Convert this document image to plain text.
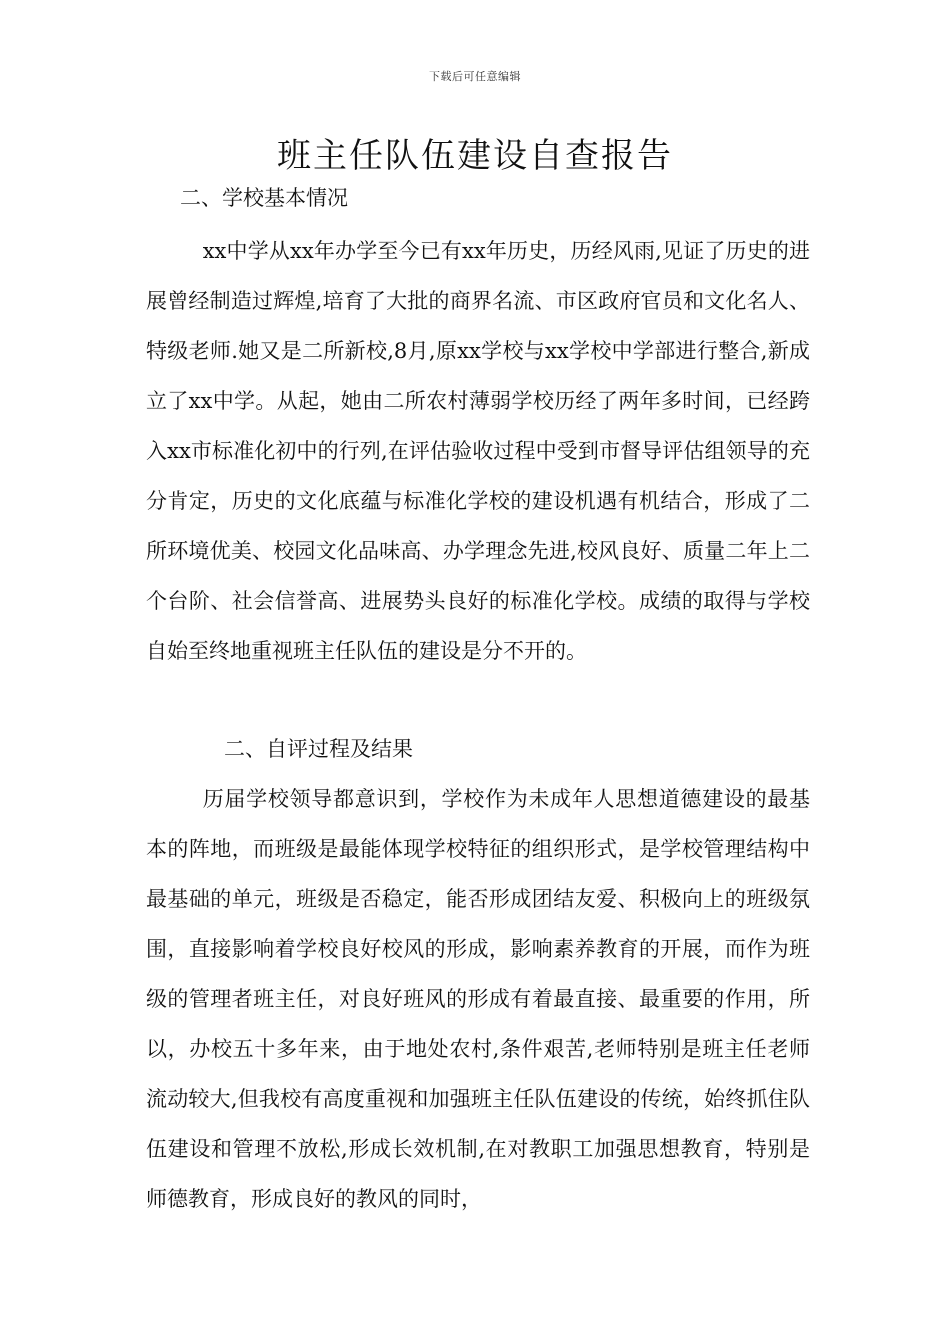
下载后可任意编辑
班主任队伍建设自查报告
二、学校基本情况

xx中学从xx年办学至今已有xx年历史，历经风雨,见证了历史的进展曾经制造过辉煌,培育了大批的商界名流、市区政府官员和文化名人、特级老师.她又是二所新校,8月,原xx学校与xx学校中学部进行整合,新成立了xx中学。从起，她由二所农村薄弱学校历经了两年多时间，已经跨入xx市标准化初中的行列,在评估验收过程中受到市督导评估组领导的充分肯定，历史的文化底蕴与标准化学校的建设机遇有机结合，形成了二所环境优美、校园文化品味高、办学理念先进,校风良好、质量二年上二个台阶、社会信誉高、进展势头良好的标准化学校。成绩的取得与学校自始至终地重视班主任队伍的建设是分不开的。

二、自评过程及结果

历届学校领导都意识到，学校作为未成年人思想道德建设的最基本的阵地，而班级是最能体现学校特征的组织形式，是学校管理结构中最基础的单元，班级是否稳定，能否形成团结友爱、积极向上的班级氛围，直接影响着学校良好校风的形成，影响素养教育的开展，而作为班级的管理者班主任，对良好班风的形成有着最直接、最重要的作用，所以，办校五十多年来，由于地处农村,条件艰苦,老师特别是班主任老师流动较大,但我校有高度重视和加强班主任队伍建设的传统，始终抓住队伍建设和管理不放松,形成长效机制,在对教职工加强思想教育，特别是师德教育，形成良好的教风的同时，
